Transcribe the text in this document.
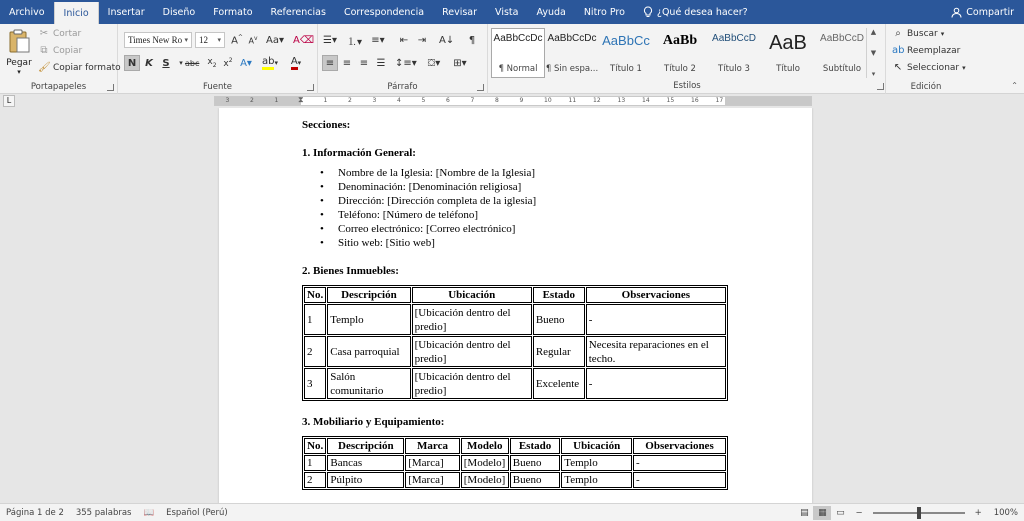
Archivo	Inicio	Insertar	Diseño	Formato	Referencias	Correspondencia	Revisar	Vista	Ayuda	Nitro Pro	¿Qué desea hacer?	Compartir
Pegar
▾
✂ Cortar
⧉ Copiar
🖌 Copiar formato
Portapapeles
Times New Ro ▾ 12 ▾ A^ $A^v$ Aa▾ A⌫
N K S ▾ abc $x_2$ $x^2$ A▾ ab ▾ A ▾
Fuente
☰▾ ⒈▾ ≡▾ ⇤ ⇥ A↓ ¶
≡ ≡ ≡ ☰ ↕≡▾ ⛋▾ ⊞▾
Párrafo
AaBbCcDc
¶ Normal
AaBbCcDc
¶ Sin espa...
AaBbCc
Título 1
AaBb
Título 2
AaBbCcD
Título 3
AaB
Título
AaBbCcD
Subtítulo
▲
▼
▾
Estilos
⌕ Buscar ▾
ab Reemplazar
↖ Seleccionar ▾
Edición	⌃
L	3	2	1	1	2	3	4	5	6	7	8	9	10	11	12	13	14	15	16	17
⧗
Secciones:
1. Información General:
• Nombre de la Iglesia: [Nombre de la Iglesia]
• Denominación: [Denominación religiosa]
• Dirección: [Dirección completa de la iglesia]
• Teléfono: [Número de teléfono]
• Correo electrónico: [Correo electrónico]
• Sitio web: [Sitio web]
2. Bienes Inmuebles:
No.	Descripción	Ubicación	Estado	Observaciones
1	Templo	[Ubicación dentro del predio]	Bueno	-
2	Casa parroquial	[Ubicación dentro del predio]	Regular	Necesita reparaciones en el techo.
3	Salón comunitario	[Ubicación dentro del predio]	Excelente	-
3. Mobiliario y Equipamiento:
No.	Descripción	Marca	Modelo	Estado	Ubicación	Observaciones
1	Bancas	[Marca]	[Modelo]	Bueno	Templo	-
2	Púlpito	[Marca]	[Modelo]	Bueno	Templo	-
Página 1 de 2	355 palabras	📖	Español (Perú)	▤ ▦ ▭ −	+	100%
